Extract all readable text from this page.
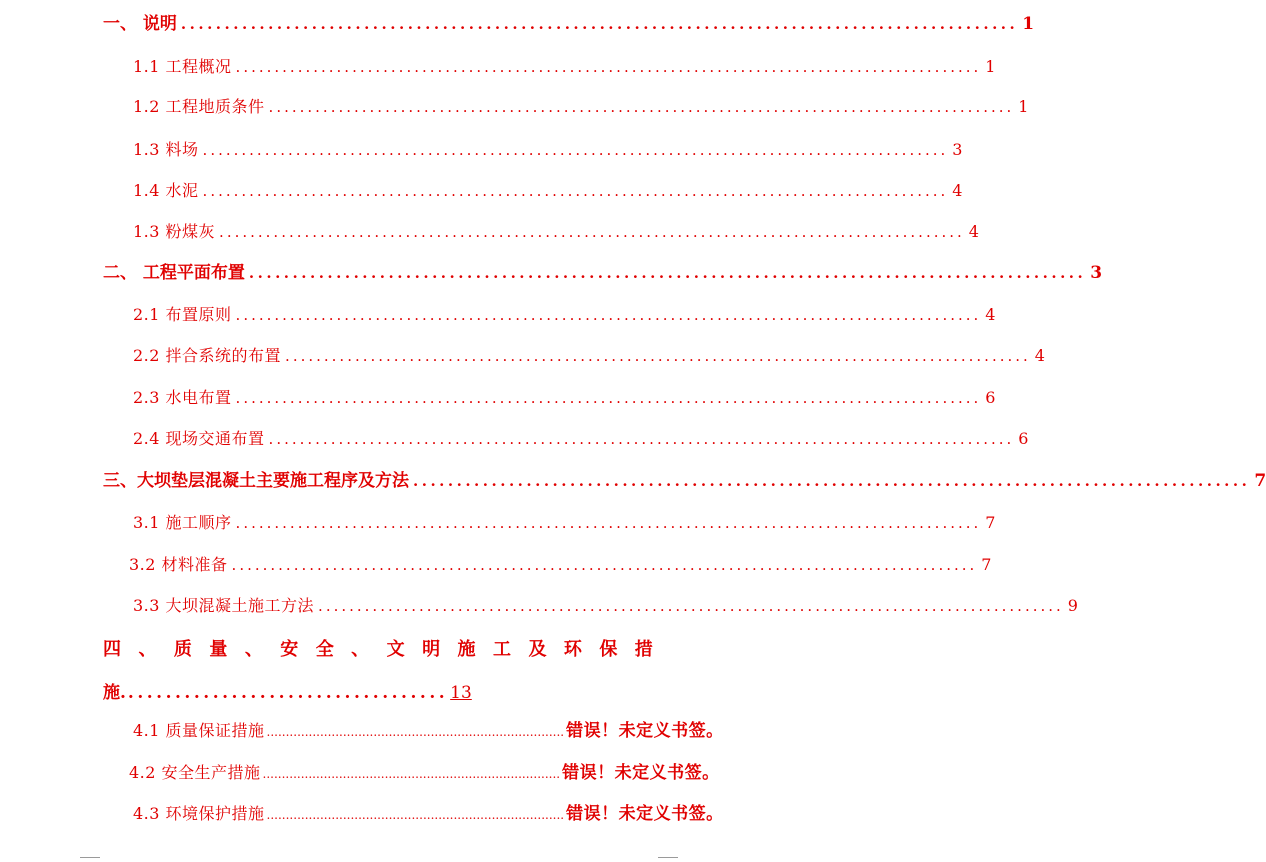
一、 说明 ................................................................................................ 1
1.1 工程概况 ................................................................................................ 1
1.2 工程地质条件 ................................................................................................ 1
1.3 料场 ................................................................................................ 3
1.4 水泥 ................................................................................................ 4
1.3 粉煤灰 ................................................................................................ 4
二、 工程平面布置 ................................................................................................ 3
2.1 布置原则 ................................................................................................ 4
2.2 拌合系统的布置 ................................................................................................ 4
2.3 水电布置 ................................................................................................ 6
2.4 现场交通布置 ................................................................................................ 6
三、大坝垫层混凝土主要施工程序及方法 ................................................................................................ 7
3.1 施工顺序 ................................................................................................ 7
3.2 材料准备 ................................................................................................ 7
3.3 大坝混凝土施工方法 ................................................................................................ 9
四 、 质 量 、 安 全 、 文 明 施 工 及 环 保 措
施. .................................. 13
4.1 质量保证措施 .............................................................................. 错误！未定义书签。
4.2 安全生产措施 .............................................................................. 错误！未定义书签。
4.3 环境保护措施 .............................................................................. 错误！未定义书签。
